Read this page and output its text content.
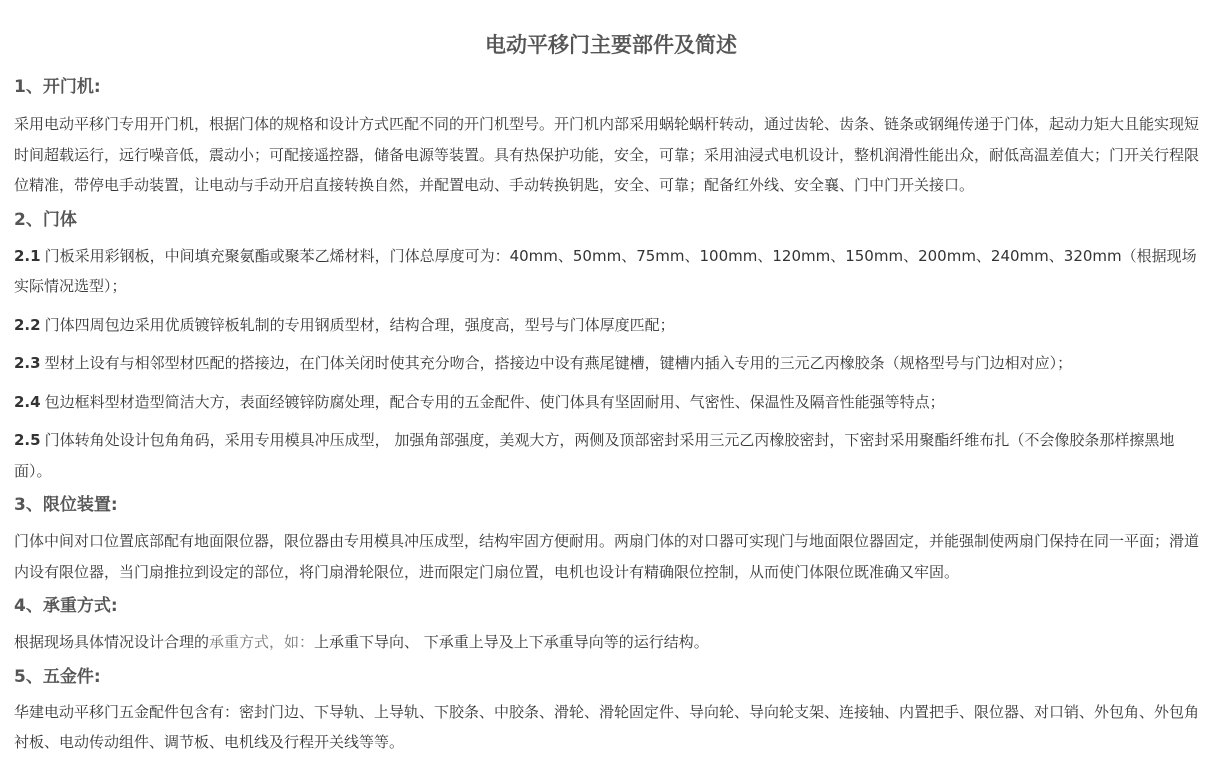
电动平移门主要部件及简述
1、开门机:

采用电动平移门专用开门机，根据门体的规格和设计方式匹配不同的开门机型号。开门机内部采用蜗轮蜗杆转动，通过齿轮、齿条、链条或钢绳传递于门体，起动力矩大且能实现短时间超载运行，远行噪音低，震动小；可配接遥控器，储备电源等装置。具有热保护功能，安全，可靠；采用油浸式电机设计，整机润滑性能出众，耐低高温差值大；门开关行程限位精准，带停电手动装置，让电动与手动开启直接转换自然，并配置电动、手动转换钥匙，安全、可靠；配备红外线、安全襄、门中门开关接口。

2、门体

2.1 门板采用彩钢板，中间填充聚氨酯或聚苯乙烯材料，门体总厚度可为：40mm、50mm、75mm、100mm、120mm、150mm、200mm、240mm、320mm（根据现场实际情况选型）；

2.2 门体四周包边采用优质镀锌板轧制的专用钢质型材，结构合理，强度高，型号与门体厚度匹配；

2.3 型材上设有与相邻型材匹配的搭接边，在门体关闭时使其充分吻合，搭接边中设有燕尾键槽，键槽内插入专用的三元乙丙橡胶条（规格型号与门边相对应）；

2.4 包边框料型材造型简洁大方，表面经镀锌防腐处理，配合专用的五金配件、使门体具有坚固耐用、气密性、保温性及隔音性能强等特点；

2.5 门体转角处设计包角角码，采用专用模具冲压成型， 加强角部强度，美观大方，两侧及顶部密封采用三元乙丙橡胶密封，下密封采用聚酯纤维布扎（不会像胶条那样擦黑地面）。

3、限位装置:

门体中间对口位置底部配有地面限位器，限位器由专用模具冲压成型，结构牢固方便耐用。两扇门体的对口器可实现门与地面限位器固定，并能强制使两扇门保持在同一平面；滑道内设有限位器，当门扇推拉到设定的部位，将门扇滑轮限位，进而限定门扇位置，电机也设计有精确限位控制，从而使门体限位既准确又牢固。

4、承重方式:

根据现场具体情况设计合理的承重方式，如：上承重下导向、 下承重上导及上下承重导向等的运行结构。

5、五金件:

华建电动平移门五金配件包含有：密封门边、下导轨、上导轨、下胶条、中胶条、滑轮、滑轮固定件、导向轮、导向轮支架、连接轴、内置把手、限位器、对口销、外包角、外包角衬板、电动传动组件、调节板、电机线及行程开关线等等。
